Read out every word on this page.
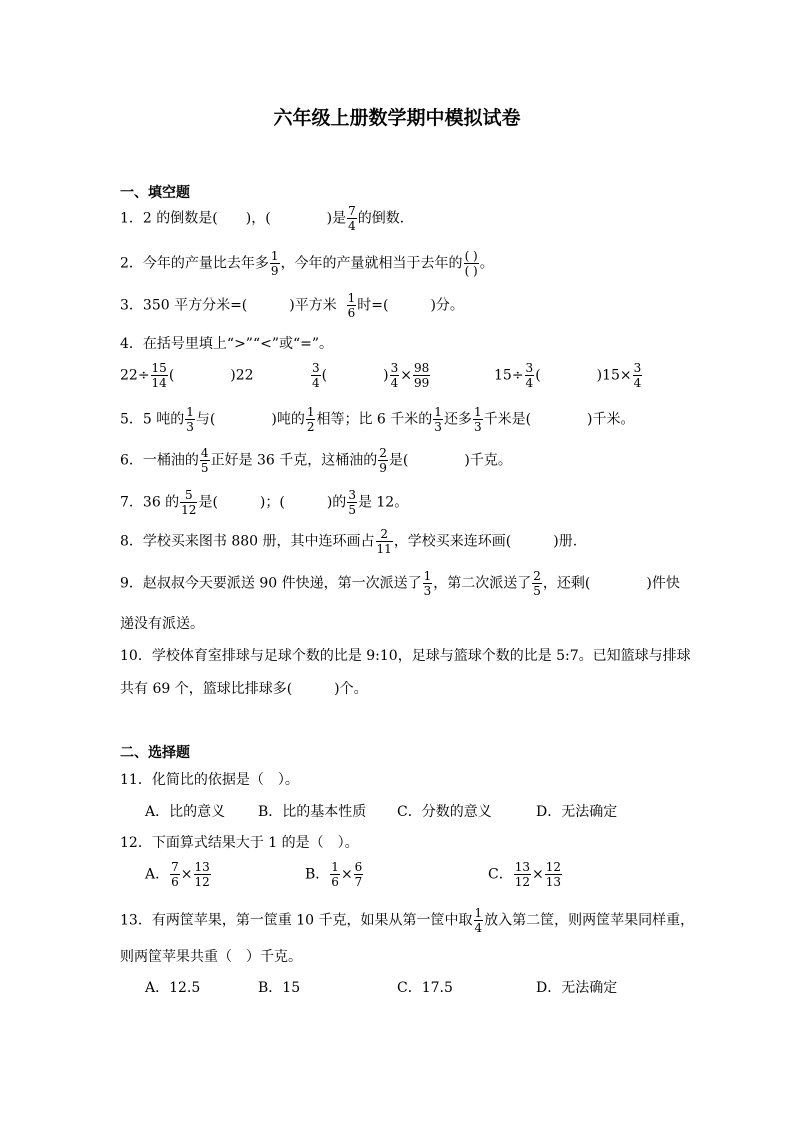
六年级上册数学期中模拟试卷
一、填空题
1．2 的倒数是(　　)，(　　　　)是 $\frac{7}{4}$ 的倒数．
2．今年的产量比去年多 $\frac{1}{9}$ ，今年的产量就相当于去年的 $\frac{( )}{( )}$ 。
3．350 平方分米=(　　　)平方米 $\frac{1}{6}$ 时=(　　　)分。
4．在括号里填上“>”“<”或“=”。
$22\div \frac{15}{14}$ (　　　　)22	$\frac{3}{4}$ (　　　　) $\frac{3}{4} \times \frac{98}{99}$	$15\div \frac{3}{4}$ (　　　　)$15\times \frac{3}{4}$
5．5 吨的 $\frac{1}{3}$ 与(　　　　)吨的 $\frac{1}{2}$ 相等；比 6 千米的 $\frac{1}{3}$ 还多 $\frac{1}{3}$ 千米是(　　　　)千米。
6．一桶油的 $\frac{4}{5}$ 正好是 36 千克，这桶油的 $\frac{2}{9}$ 是(　　　　)千克。
7．36 的 $\frac{5}{12}$ 是(　　　)；(　　　)的 $\frac{3}{5}$ 是 12。
8．学校买来图书 880 册，其中连环画占 $\frac{2}{11}$ ，学校买来连环画(　　　)册.
9．赵叔叔今天要派送 90 件快递，第一次派送了 $\frac{1}{3}$ ，第二次派送了 $\frac{2}{5}$ ，还剩(　　　　)件快
递没有派送。
10．学校体育室排球与足球个数的比是 9:10，足球与篮球个数的比是 5:7。已知篮球与排球
共有 69 个，篮球比排球多(　　　)个。
二、选择题
11．化简比的依据是（　）。
A．比的意义 B．比的基本性质 C．分数的意义	D．无法确定
12．下面算式结果大于 1 的是（　）。
A． $\frac{7}{6} \times \frac{13}{12}$	B． $\frac{1}{6} \times \frac{6}{7}$	C． $\frac{13}{12} \times \frac{12}{13}$
13．有两筐苹果，第一筐重 10 千克，如果从第一筐中取 $\frac{1}{4}$ 放入第二筐，则两筐苹果同样重，
则两筐苹果共重（　）千克。
A．12.5	B．15	C．17.5	D．无法确定
